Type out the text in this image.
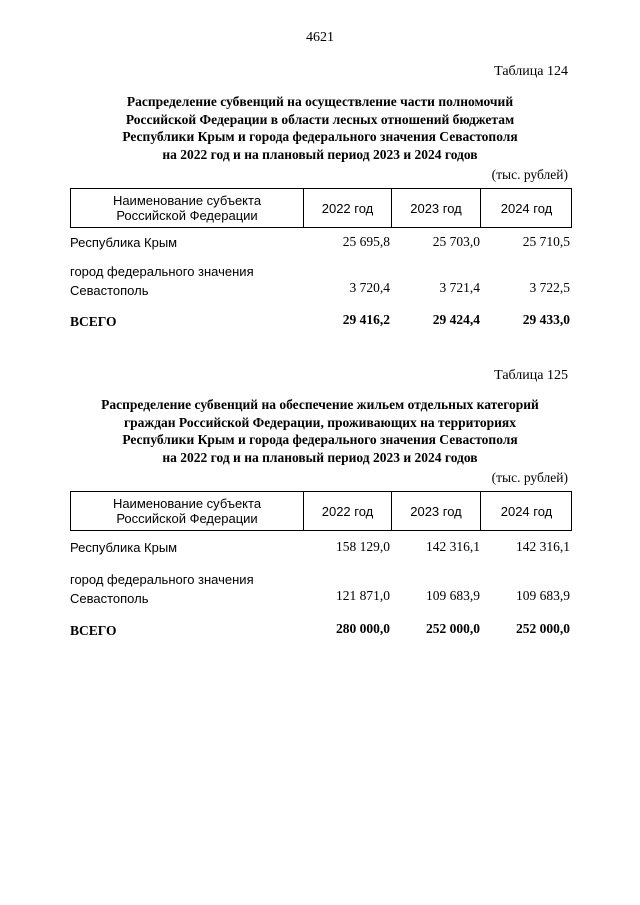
4621
Таблица 124
Распределение субвенций на осуществление части полномочий
Российской Федерации в области лесных отношений бюджетам
Республики Крым и города федерального значения Севастополя
на 2022 год и на плановый период 2023 и 2024 годов
(тыс. рублей)
Наименование субъекта
Российской Федерации	2022 год	2023 год	2024 год
Республика Крым	25 695,8	25 703,0	25 710,5
город федерального значения
Севастополь	3 720,4	3 721,4	3 722,5
ВСЕГО	29 416,2	29 424,4	29 433,0
Таблица 125
Распределение субвенций на обеспечение жильем отдельных категорий
граждан Российской Федерации, проживающих на территориях
Республики Крым и города федерального значения Севастополя
на 2022 год и на плановый период 2023 и 2024 годов
(тыс. рублей)
Наименование субъекта
Российской Федерации	2022 год	2023 год	2024 год
Республика Крым	158 129,0	142 316,1	142 316,1
город федерального значения
Севастополь	121 871,0	109 683,9	109 683,9
ВСЕГО	280 000,0	252 000,0	252 000,0
